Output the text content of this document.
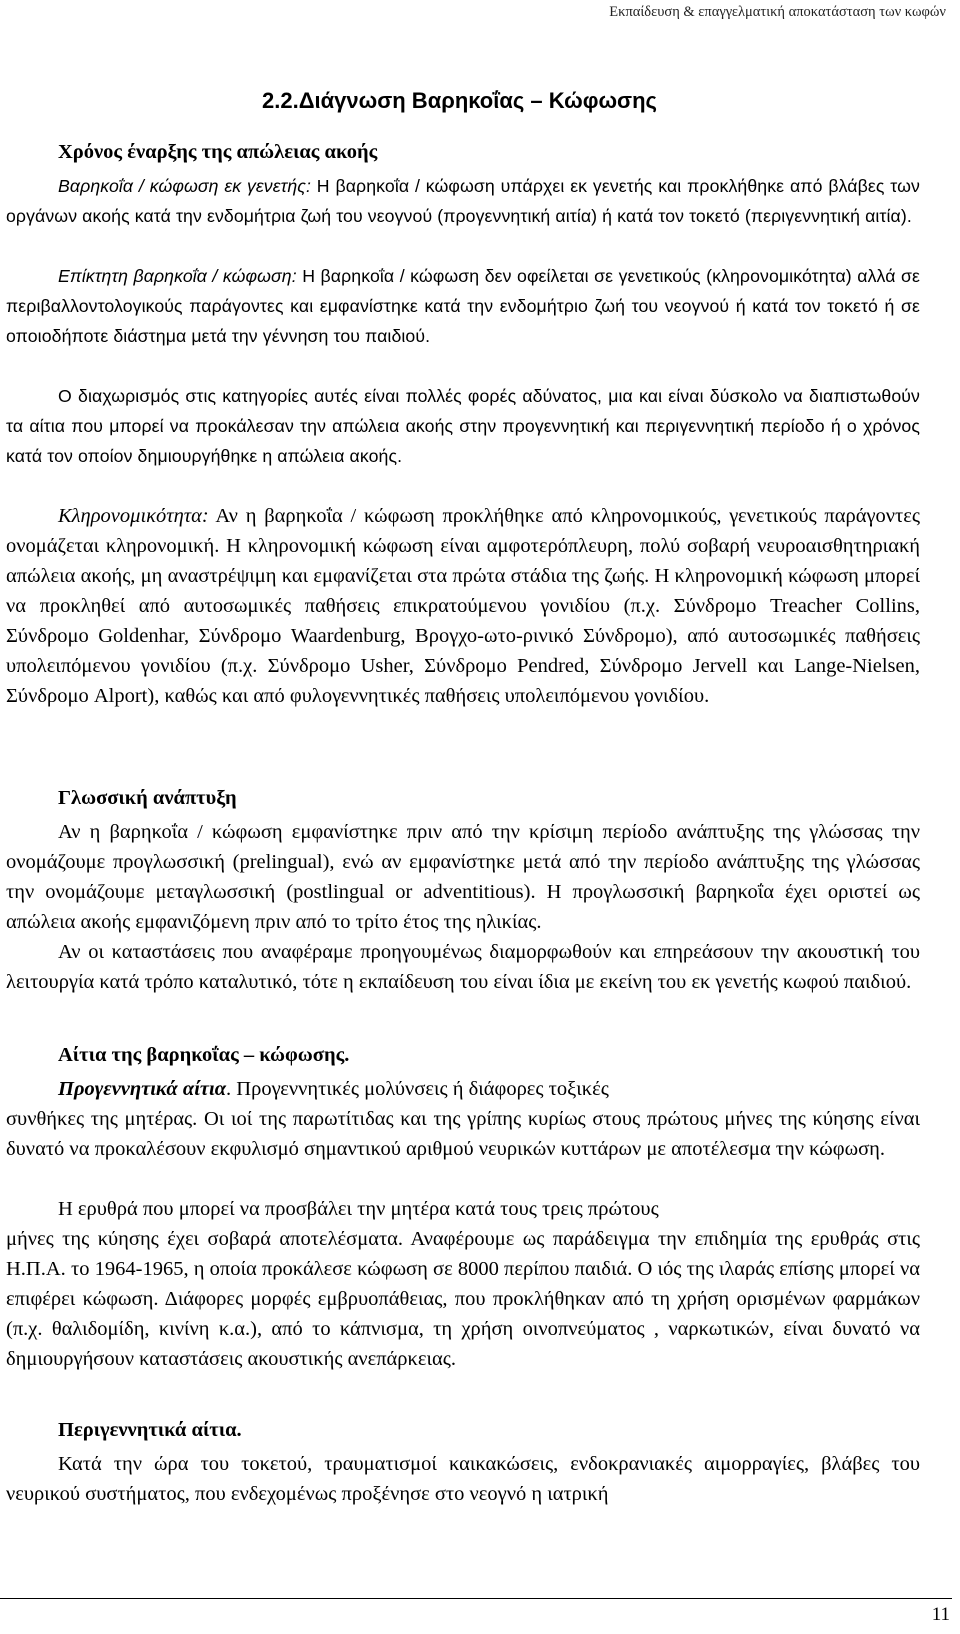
Εκπαίδευση & επαγγελματική αποκατάσταση των κωφών
2.2.Διάγνωση Βαρηκοΐας – Κώφωσης
Χρόνος έναρξης της απώλειας ακοής

Βαρηκοΐα / κώφωση εκ γενετής: Η βαρηκοΐα / κώφωση υπάρχει εκ γενετής και προκλήθηκε από βλάβες των οργάνων ακοής κατά την ενδομήτρια ζωή του νεογνού (προγεννητική αιτία) ή κατά τον τοκετό (περιγεννητική αιτία).

Επίκτητη βαρηκοΐα / κώφωση: Η βαρηκοΐα / κώφωση δεν οφείλεται σε γενετικούς (κληρονομικότητα) αλλά σε περιβαλλοντολογικούς παράγοντες και εμφανίστηκε κατά την ενδομήτριο ζωή του νεογνού ή κατά τον τοκετό ή σε οποιοδήποτε διάστημα μετά την γέννηση του παιδιού.

Ο διαχωρισμός στις κατηγορίες αυτές είναι πολλές φορές αδύνατος, μια και είναι δύσκολο να διαπιστωθούν τα αίτια που μπορεί να προκάλεσαν την απώλεια ακοής στην προγεννητική και περιγεννητική περίοδο ή ο χρόνος κατά τον οποίον δημιουργήθηκε η απώλεια ακοής.

Κληρονομικότητα: Αν η βαρηκοΐα / κώφωση προκλήθηκε από κληρονομικούς, γενετικούς παράγοντες ονομάζεται κληρονομική. Η κληρονομική κώφωση είναι αμφοτερόπλευρη, πολύ σοβαρή νευροαισθητηριακή απώλεια ακοής, μη αναστρέψιμη και εμφανίζεται στα πρώτα στάδια της ζωής. Η κληρονομική κώφωση μπορεί να προκληθεί από αυτοσωμικές παθήσεις επικρατούμενου γονιδίου (π.χ. Σύνδρομο Treacher Collins, Σύνδρομο Goldenhar, Σύνδρομο Waardenburg, Βρογχο-ωτο-ρινικό Σύνδρομο), από αυτοσωμικές παθήσεις υπολειπόμενου γονιδίου (π.χ. Σύνδρομο Usher, Σύνδρομο Pendred, Σύνδρομο Jervell και Lange-Nielsen, Σύνδρομο Alport), καθώς και από φυλογεννητικές παθήσεις υπολειπόμενου γονιδίου.

Γλωσσική ανάπτυξη

Αν η βαρηκοΐα / κώφωση εμφανίστηκε πριν από την κρίσιμη περίοδο ανάπτυξης της γλώσσας την ονομάζουμε προγλωσσική (prelingual), ενώ αν εμφανίστηκε μετά από την περίοδο ανάπτυξης της γλώσσας την ονομάζουμε μεταγλωσσική (postlingual or adventitious). Η προγλωσσική βαρηκοΐα έχει οριστεί ως απώλεια ακοής εμφανιζόμενη πριν από το τρίτο έτος της ηλικίας.

Αν οι καταστάσεις που αναφέραμε προηγουμένως διαμορφωθούν και επηρεάσουν την ακουστική του λειτουργία κατά τρόπο καταλυτικό, τότε η εκπαίδευση του είναι ίδια με εκείνη του εκ γενετής κωφού παιδιού.

Αίτια της βαρηκοΐας – κώφωσης.
Προγεννητικά αίτια. Προγεννητικές μολύνσεις ή διάφορες τοξικές

συνθήκες της μητέρας. Οι ιοί της παρωτίτιδας και της γρίπης κυρίως στους πρώτους μήνες της κύησης είναι δυνατό να προκαλέσουν εκφυλισμό σημαντικού αριθμού νευρικών κυττάρων με αποτέλεσμα την κώφωση.

Η ερυθρά που μπορεί να προσβάλει την μητέρα κατά τους τρεις πρώτους

μήνες της κύησης έχει σοβαρά αποτελέσματα. Αναφέρουμε ως παράδειγμα την επιδημία της ερυθράς στις Η.Π.Α. το 1964-1965, η οποία προκάλεσε κώφωση σε 8000 περίπου παιδιά. Ο ιός της ιλαράς επίσης μπορεί να επιφέρει κώφωση. Διάφορες μορφές εμβρυοπάθειας, που προκλήθηκαν από τη χρήση ορισμένων φαρμάκων (π.χ. θαλιδομίδη, κινίνη κ.α.), από το κάπνισμα, τη χρήση οινοπνεύματος , ναρκωτικών, είναι δυνατό να δημιουργήσουν καταστάσεις ακουστικής ανεπάρκειας.

Περιγεννητικά αίτια.

Κατά την ώρα του τοκετού, τραυματισμοί καικακώσεις, ενδοκρανιακές αιμορραγίες, βλάβες του νευρικού συστήματος, που ενδεχομένως προξένησε στο νεογνό η ιατρική

11
